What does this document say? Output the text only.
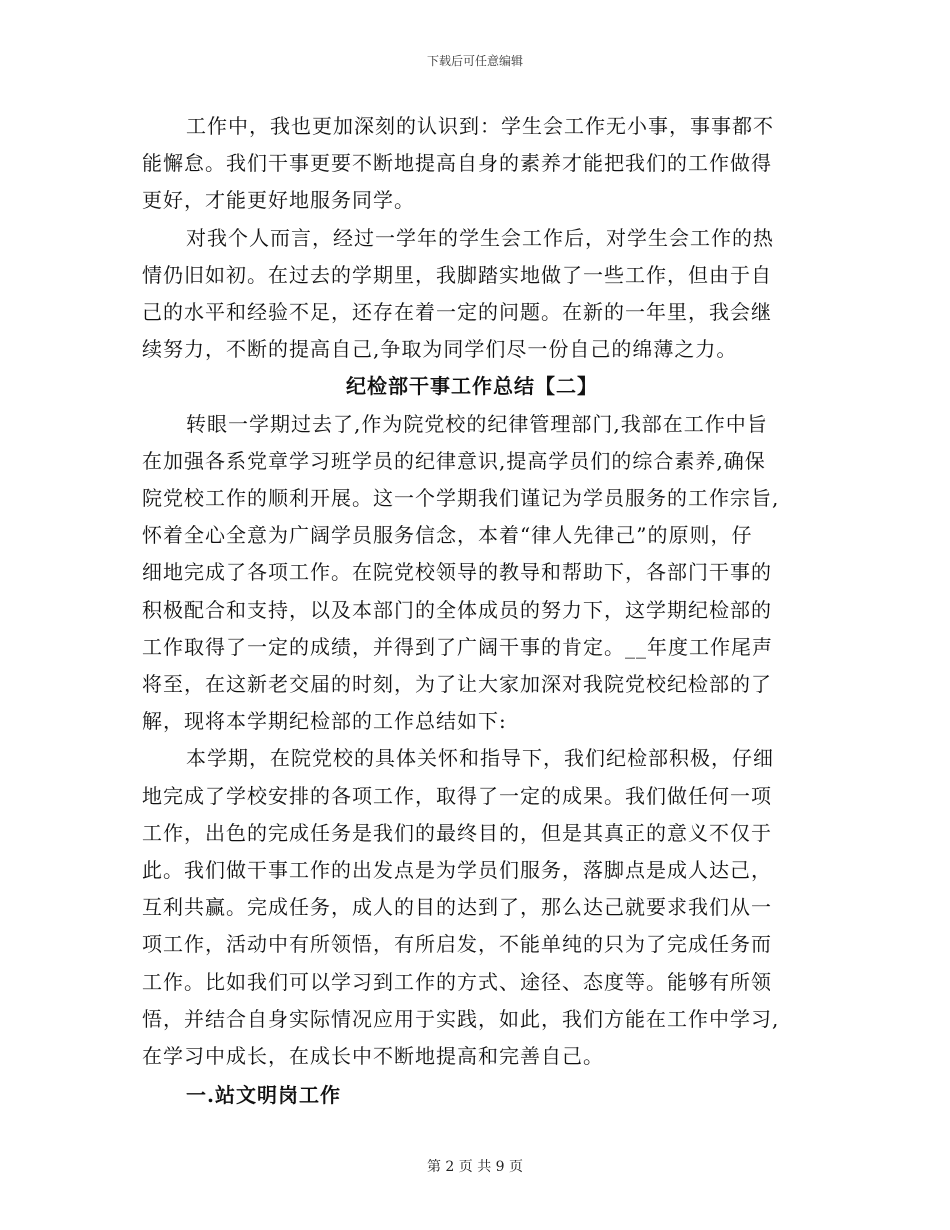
下载后可任意编辑

工作中，我也更加深刻的认识到：学生会工作无小事，事事都不
能懈怠。我们干事更要不断地提高自身的素养才能把我们的工作做得
更好，才能更好地服务同学。

对我个人而言，经过一学年的学生会工作后，对学生会工作的热
情仍旧如初。在过去的学期里，我脚踏实地做了一些工作，但由于自
己的水平和经验不足，还存在着一定的问题。在新的一年里，我会继
续努力，不断的提高自己,争取为同学们尽一份自己的绵薄之力。

纪检部干事工作总结【二】

转眼一学期过去了,作为院党校的纪律管理部门,我部在工作中旨
在加强各系党章学习班学员的纪律意识,提高学员们的综合素养,确保
院党校工作的顺利开展。这一个学期我们谨记为学员服务的工作宗旨,
怀着全心全意为广阔学员服务信念，本着“律人先律己”的原则，仔
细地完成了各项工作。在院党校领导的教导和帮助下，各部门干事的
积极配合和支持，以及本部门的全体成员的努力下，这学期纪检部的
工作取得了一定的成绩，并得到了广阔干事的肯定。__年度工作尾声
将至，在这新老交届的时刻，为了让大家加深对我院党校纪检部的了
解，现将本学期纪检部的工作总结如下:

本学期，在院党校的具体关怀和指导下，我们纪检部积极，仔细
地完成了学校安排的各项工作，取得了一定的成果。我们做任何一项
工作，出色的完成任务是我们的最终目的，但是其真正的意义不仅于
此。我们做干事工作的出发点是为学员们服务，落脚点是成人达己，
互利共赢。完成任务，成人的目的达到了，那么达己就要求我们从一
项工作，活动中有所领悟，有所启发，不能单纯的只为了完成任务而
工作。比如我们可以学习到工作的方式、途径、态度等。能够有所领
悟，并结合自身实际情况应用于实践，如此，我们方能在工作中学习,
在学习中成长，在成长中不断地提高和完善自己。

一.站文明岗工作
第 2 页 共 9 页
